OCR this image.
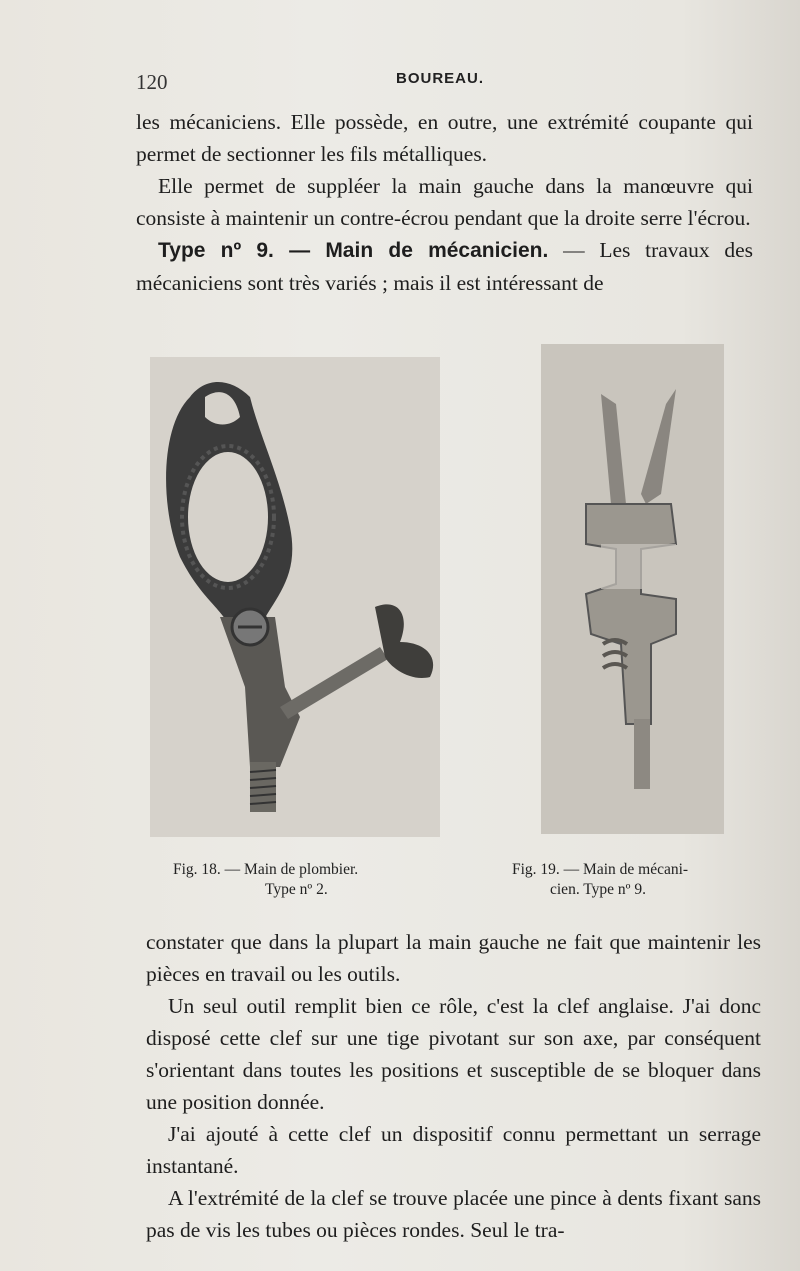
120	BOUREAU.

les mécaniciens. Elle possède, en outre, une extrémité coupante qui permet de sectionner les fils métalliques.

Elle permet de suppléer la main gauche dans la manœuvre qui consiste à maintenir un contre-écrou pendant que la droite serre l'écrou.

Type nº 9. — Main de mécanicien. — Les travaux des mécaniciens sont très variés ; mais il est intéressant de

Fig. 18. — Main de plombier.
Type nº 2.
Fig. 19. — Main de mécani-
cien. Type nº 9.

constater que dans la plupart la main gauche ne fait que maintenir les pièces en travail ou les outils.

Un seul outil remplit bien ce rôle, c'est la clef anglaise. J'ai donc disposé cette clef sur une tige pivotant sur son axe, par conséquent s'orientant dans toutes les positions et susceptible de se bloquer dans une position donnée.

J'ai ajouté à cette clef un dispositif connu permettant un serrage instantané.

A l'extrémité de la clef se trouve placée une pince à dents fixant sans pas de vis les tubes ou pièces rondes. Seul le tra-
